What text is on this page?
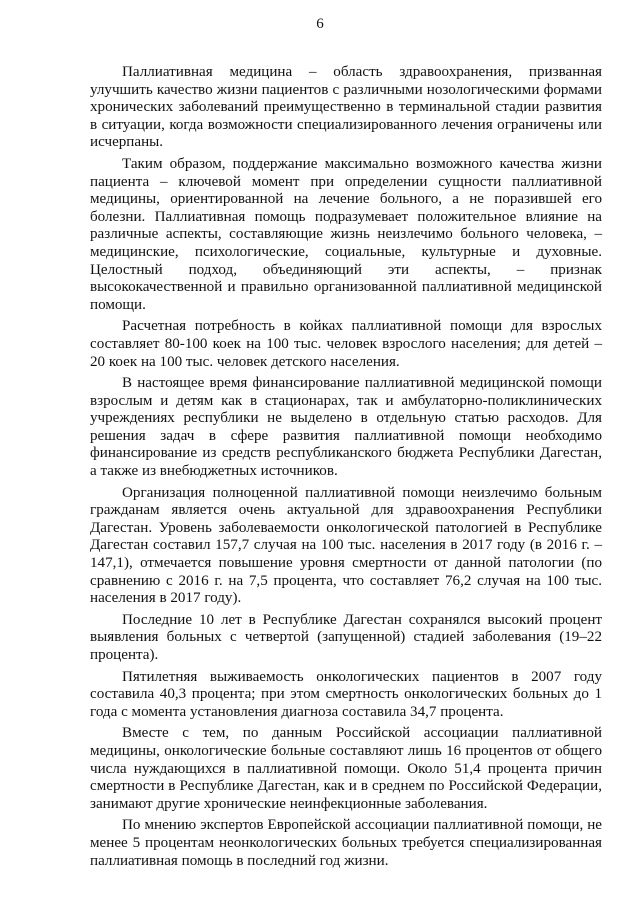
6

Паллиативная медицина – область здравоохранения, призванная улучшить качество жизни пациентов с различными нозологическими формами хронических заболеваний преимущественно в терминальной стадии развития в ситуации, когда возможности специализированного лечения ограничены или исчерпаны.

Таким образом, поддержание максимально возможного качества жизни пациента – ключевой момент при определении сущности паллиативной медицины, ориентированной на лечение больного, а не поразившей его болезни. Паллиативная помощь подразумевает положительное влияние на различные аспекты, составляющие жизнь неизлечимо больного человека, – медицинские, психологические, социальные, культурные и духовные. Целостный подход, объединяющий эти аспекты, – признак высококачественной и правильно организованной паллиативной медицинской помощи.

Расчетная потребность в койках паллиативной помощи для взрослых составляет 80-100 коек на 100 тыс. человек взрослого населения; для детей – 20 коек на 100 тыс. человек детского населения.

В настоящее время финансирование паллиативной медицинской помощи взрослым и детям как в стационарах, так и амбулаторно-поликлинических учреждениях республики не выделено в отдельную статью расходов. Для решения задач в сфере развития паллиативной помощи необходимо финансирование из средств республиканского бюджета Республики Дагестан, а также из внебюджетных источников.

Организация полноценной паллиативной помощи неизлечимо больным гражданам является очень актуальной для здравоохранения Республики Дагестан. Уровень заболеваемости онкологической патологией в Республике Дагестан составил 157,7 случая на 100 тыс. населения в 2017 году (в 2016 г. – 147,1), отмечается повышение уровня смертности от данной патологии (по сравнению с 2016 г. на 7,5 процента, что составляет 76,2 случая на 100 тыс. населения в 2017 году).

Последние 10 лет в Республике Дагестан сохранялся высокий процент выявления больных с четвертой (запущенной) стадией заболевания (19–22 процента).

Пятилетняя выживаемость онкологических пациентов в 2007 году составила 40,3 процента; при этом смертность онкологических больных до 1 года с момента установления диагноза составила 34,7 процента.

Вместе с тем, по данным Российской ассоциации паллиативной медицины, онкологические больные составляют лишь 16 процентов от общего числа нуждающихся в паллиативной помощи. Около 51,4 процента причин смертности в Республике Дагестан, как и в среднем по Российской Федерации, занимают другие хронические неинфекционные заболевания.

По мнению экспертов Европейской ассоциации паллиативной помощи, не менее 5 процентам неонкологических больных требуется специализированная паллиативная помощь в последний год жизни.
